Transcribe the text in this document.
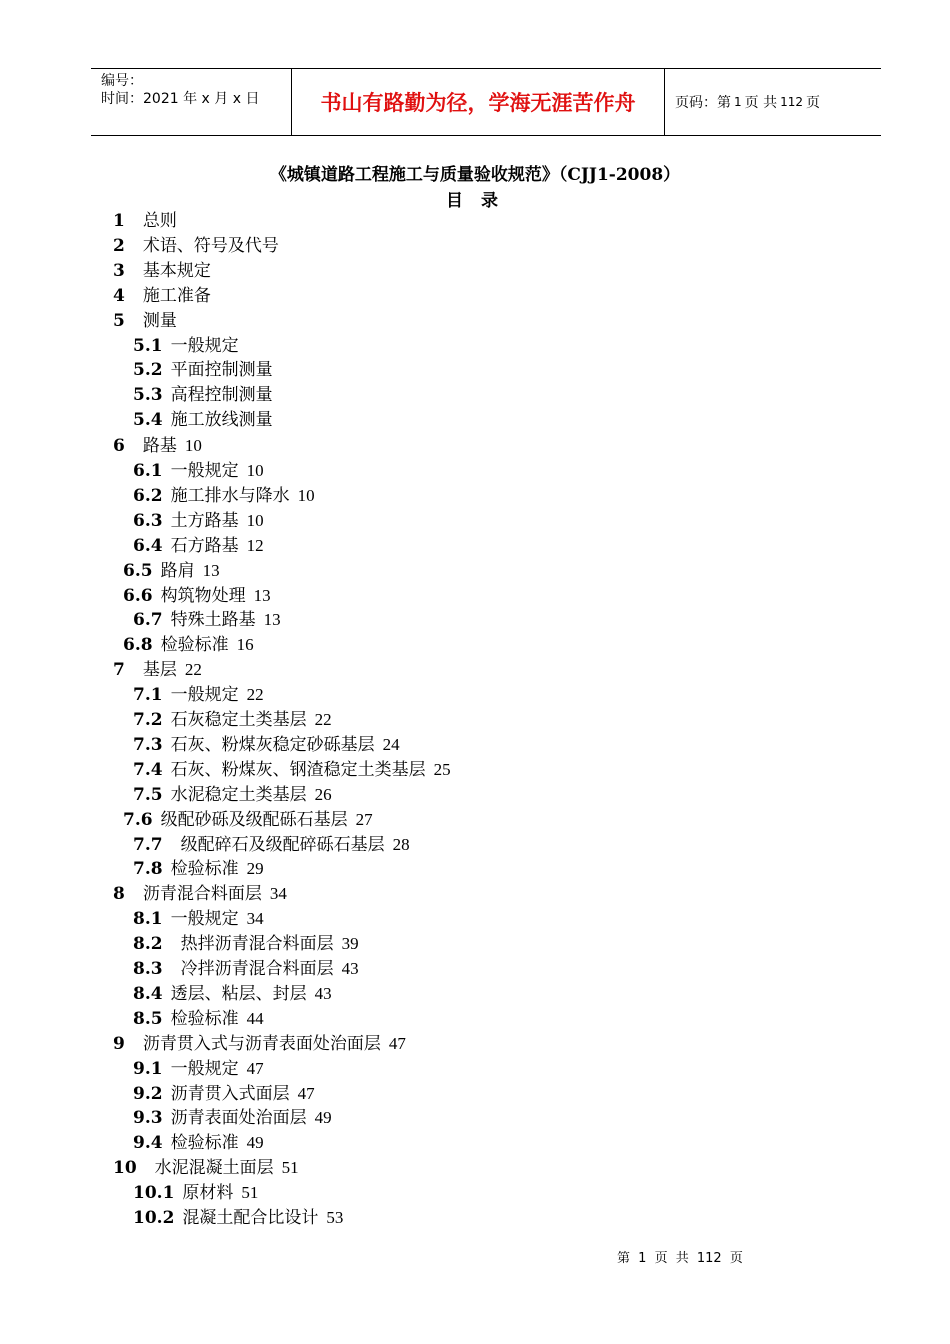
编号：
时间：2021 年 x 月 x 日	书山有路勤为径，学海无涯苦作舟	页码：第 1 页 共 112 页
《城镇道路工程施工与质量验收规范》（CJJ1-2008）
目 录
1 总则
2 术语、符号及代号
3 基本规定
4 施工准备
5 测量
5.1 一般规定
5.2 平面控制测量
5.3 高程控制测量
5.4 施工放线测量
6 路基 10
6.1 一般规定 10
6.2 施工排水与降水 10
6.3 土方路基 10
6.4 石方路基 12
6.5 路肩 13
6.6 构筑物处理 13
6.7 特殊土路基 13
6.8 检验标准 16
7 基层 22
7.1 一般规定 22
7.2 石灰稳定土类基层 22
7.3 石灰、粉煤灰稳定砂砾基层 24
7.4 石灰、粉煤灰、钢渣稳定土类基层 25
7.5 水泥稳定土类基层 26
7.6 级配砂砾及级配砾石基层 27
7.7 级配碎石及级配碎砾石基层 28
7.8 检验标准 29
8 沥青混合料面层 34
8.1 一般规定 34
8.2 热拌沥青混合料面层 39
8.3 冷拌沥青混合料面层 43
8.4 透层、粘层、封层 43
8.5 检验标准 44
9 沥青贯入式与沥青表面处治面层 47
9.1 一般规定 47
9.2 沥青贯入式面层 47
9.3 沥青表面处治面层 49
9.4 检验标准 49
10 水泥混凝土面层 51
10.1 原材料 51
10.2 混凝土配合比设计 53
第 1 页 共 112 页
